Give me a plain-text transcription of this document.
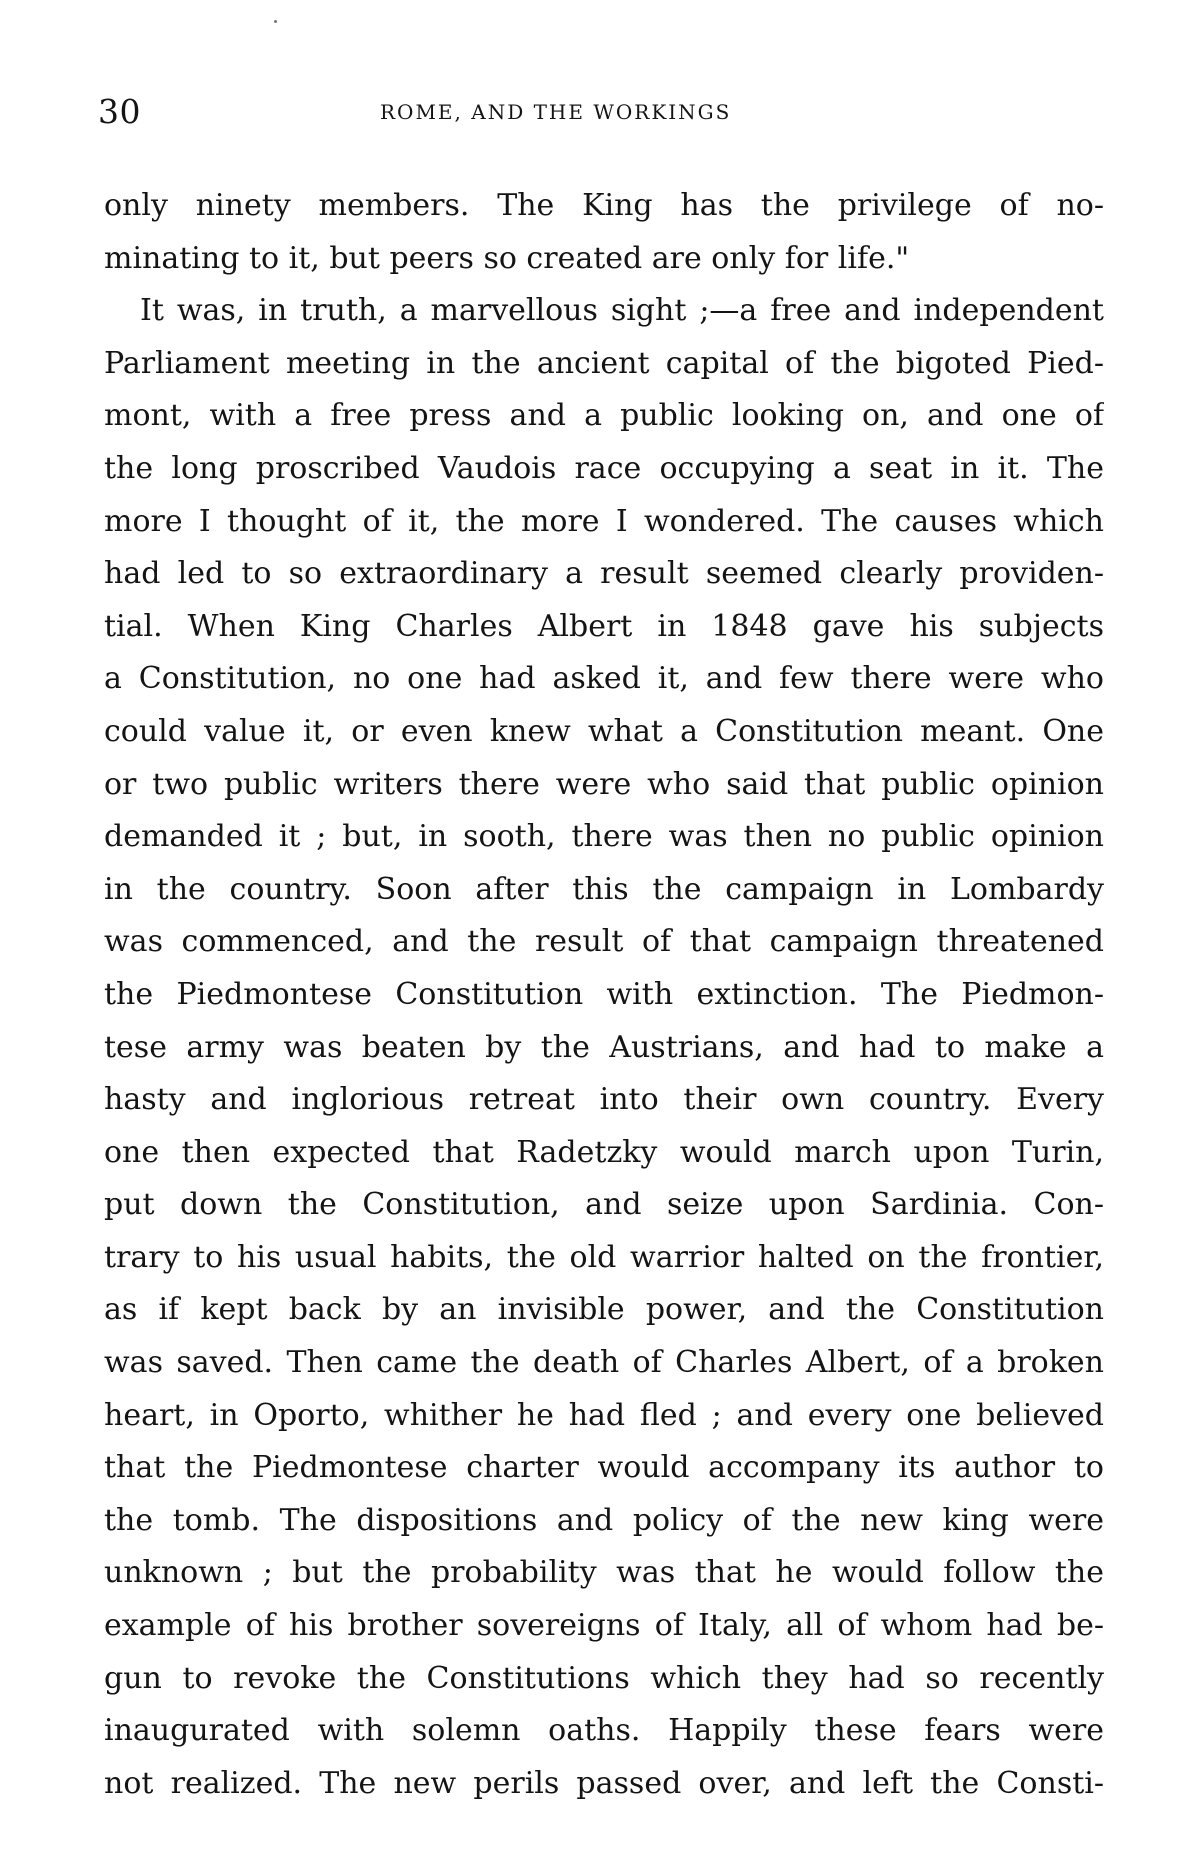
30	ROME, AND THE WORKINGS
only ninety members. The King has the privilege of no-
minating to it, but peers so created are only for life."
It was, in truth, a marvellous sight ;—a free and independent
Parliament meeting in the ancient capital of the bigoted Pied-
mont, with a free press and a public looking on, and one of
the long proscribed Vaudois race occupying a seat in it. The
more I thought of it, the more I wondered. The causes which
had led to so extraordinary a result seemed clearly providen-
tial. When King Charles Albert in 1848 gave his subjects
a Constitution, no one had asked it, and few there were who
could value it, or even knew what a Constitution meant. One
or two public writers there were who said that public opinion
demanded it ; but, in sooth, there was then no public opinion
in the country. Soon after this the campaign in Lombardy
was commenced, and the result of that campaign threatened
the Piedmontese Constitution with extinction. The Piedmon-
tese army was beaten by the Austrians, and had to make a
hasty and inglorious retreat into their own country. Every
one then expected that Radetzky would march upon Turin,
put down the Constitution, and seize upon Sardinia. Con-
trary to his usual habits, the old warrior halted on the frontier,
as if kept back by an invisible power, and the Constitution
was saved. Then came the death of Charles Albert, of a broken
heart, in Oporto, whither he had fled ; and every one believed
that the Piedmontese charter would accompany its author to
the tomb. The dispositions and policy of the new king were
unknown ; but the probability was that he would follow the
example of his brother sovereigns of Italy, all of whom had be-
gun to revoke the Constitutions which they had so recently
inaugurated with solemn oaths. Happily these fears were
not realized. The new perils passed over, and left the Consti-
